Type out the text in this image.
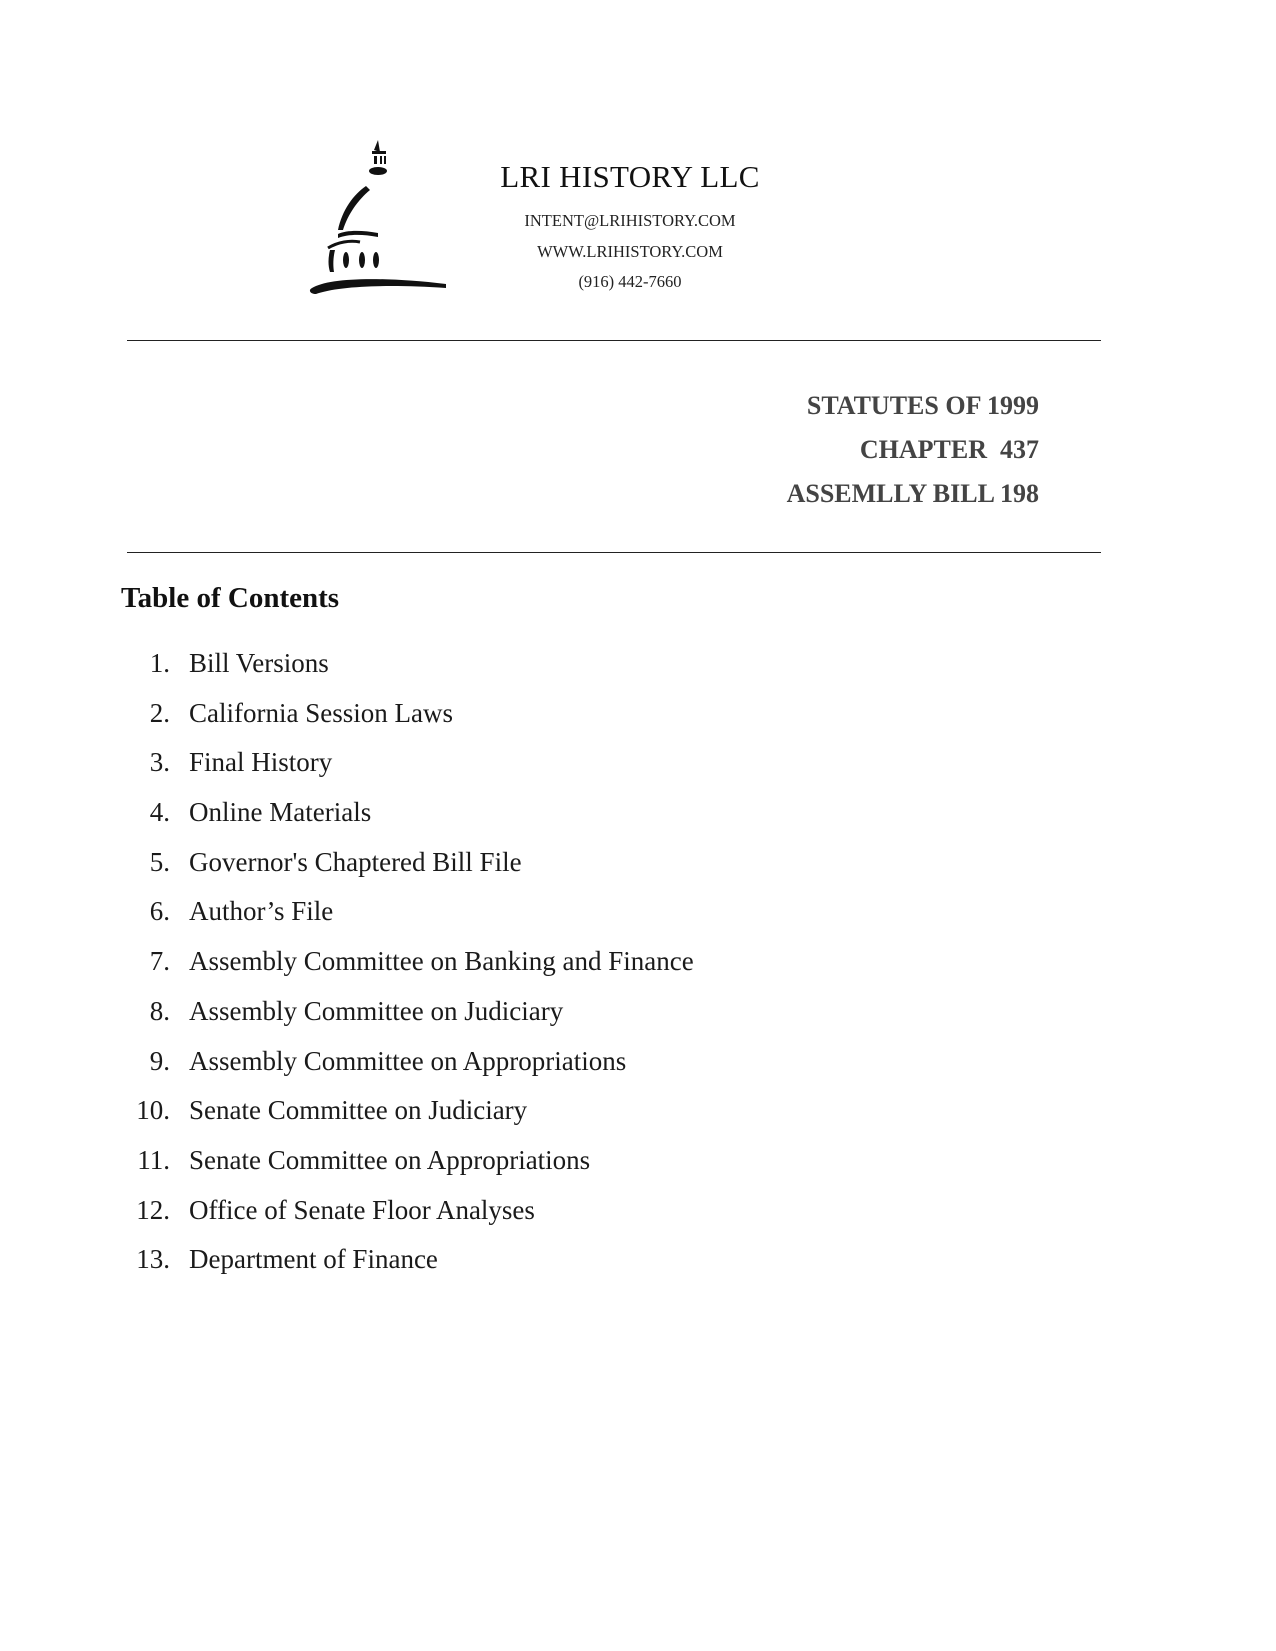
LRI HISTORY LLC
INTENT@LRIHISTORY.COM
WWW.LRIHISTORY.COM
(916) 442-7660
STATUTES OF 1999
CHAPTER  437
ASSEMLLY BILL 198
Table of Contents
1. Bill Versions
2. California Session Laws
3. Final History
4. Online Materials
5. Governor's Chaptered Bill File
6. Author’s File
7. Assembly Committee on Banking and Finance
8. Assembly Committee on Judiciary
9. Assembly Committee on Appropriations
10. Senate Committee on Judiciary
11. Senate Committee on Appropriations
12. Office of Senate Floor Analyses
13. Department of Finance
